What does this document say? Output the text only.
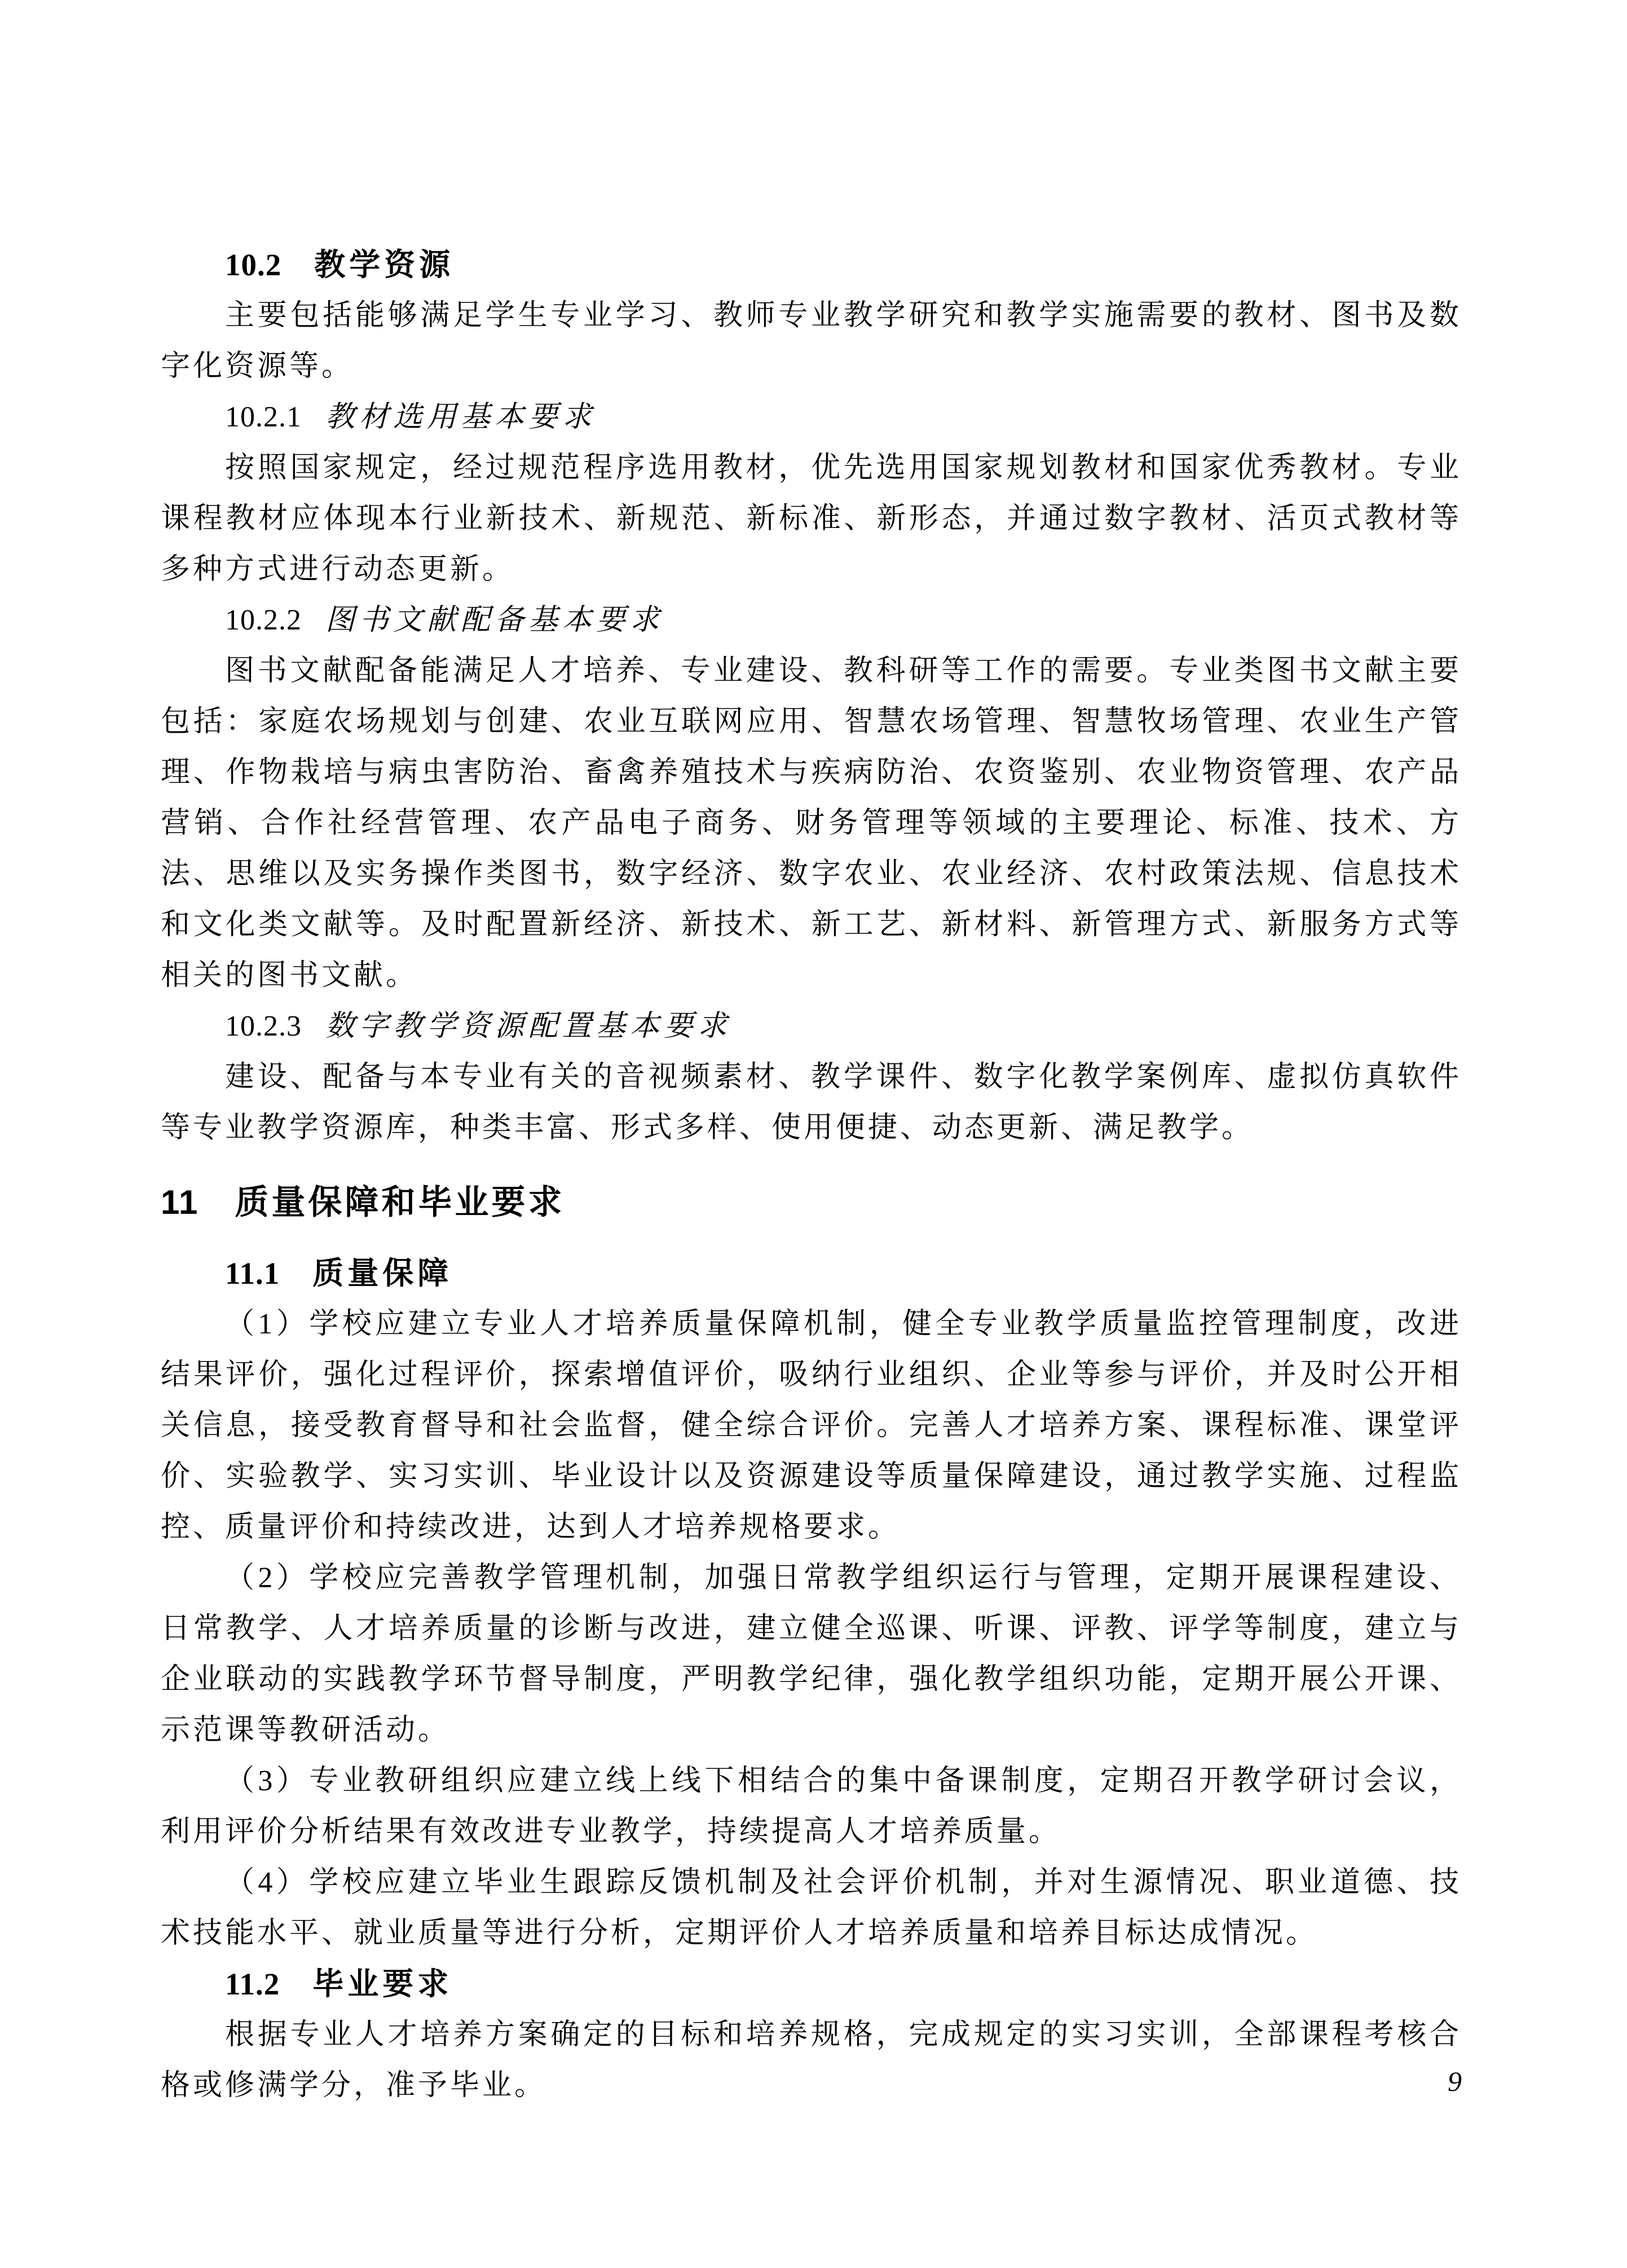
10.2 教学资源

主要包括能够满足学生专业学习、教师专业教学研究和教学实施需要的教材、图书及数字化资源等。

10.2.1 教材选用基本要求

按照国家规定，经过规范程序选用教材，优先选用国家规划教材和国家优秀教材。专业课程教材应体现本行业新技术、新规范、新标准、新形态，并通过数字教材、活页式教材等多种方式进行动态更新。

10.2.2 图书文献配备基本要求

图书文献配备能满足人才培养、专业建设、教科研等工作的需要。专业类图书文献主要包括：家庭农场规划与创建、农业互联网应用、智慧农场管理、智慧牧场管理、农业生产管理、作物栽培与病虫害防治、畜禽养殖技术与疾病防治、农资鉴别、农业物资管理、农产品营销、合作社经营管理、农产品电子商务、财务管理等领域的主要理论、标准、技术、方法、思维以及实务操作类图书，数字经济、数字农业、农业经济、农村政策法规、信息技术和文化类文献等。及时配置新经济、新技术、新工艺、新材料、新管理方式、新服务方式等相关的图书文献。

10.2.3 数字教学资源配置基本要求

建设、配备与本专业有关的音视频素材、教学课件、数字化教学案例库、虚拟仿真软件等专业教学资源库，种类丰富、形式多样、使用便捷、动态更新、满足教学。

11 质量保障和毕业要求
11.1 质量保障

（1）学校应建立专业人才培养质量保障机制，健全专业教学质量监控管理制度，改进结果评价，强化过程评价，探索增值评价，吸纳行业组织、企业等参与评价，并及时公开相关信息，接受教育督导和社会监督，健全综合评价。完善人才培养方案、课程标准、课堂评价、实验教学、实习实训、毕业设计以及资源建设等质量保障建设，通过教学实施、过程监控、质量评价和持续改进，达到人才培养规格要求。

（2）学校应完善教学管理机制，加强日常教学组织运行与管理，定期开展课程建设、日常教学、人才培养质量的诊断与改进，建立健全巡课、听课、评教、评学等制度，建立与企业联动的实践教学环节督导制度，严明教学纪律，强化教学组织功能，定期开展公开课、示范课等教研活动。

（3）专业教研组织应建立线上线下相结合的集中备课制度，定期召开教学研讨会议，利用评价分析结果有效改进专业教学，持续提高人才培养质量。

（4）学校应建立毕业生跟踪反馈机制及社会评价机制，并对生源情况、职业道德、技术技能水平、就业质量等进行分析，定期评价人才培养质量和培养目标达成情况。

11.2 毕业要求

根据专业人才培养方案确定的目标和培养规格，完成规定的实习实训，全部课程考核合格或修满学分，准予毕业。	9
